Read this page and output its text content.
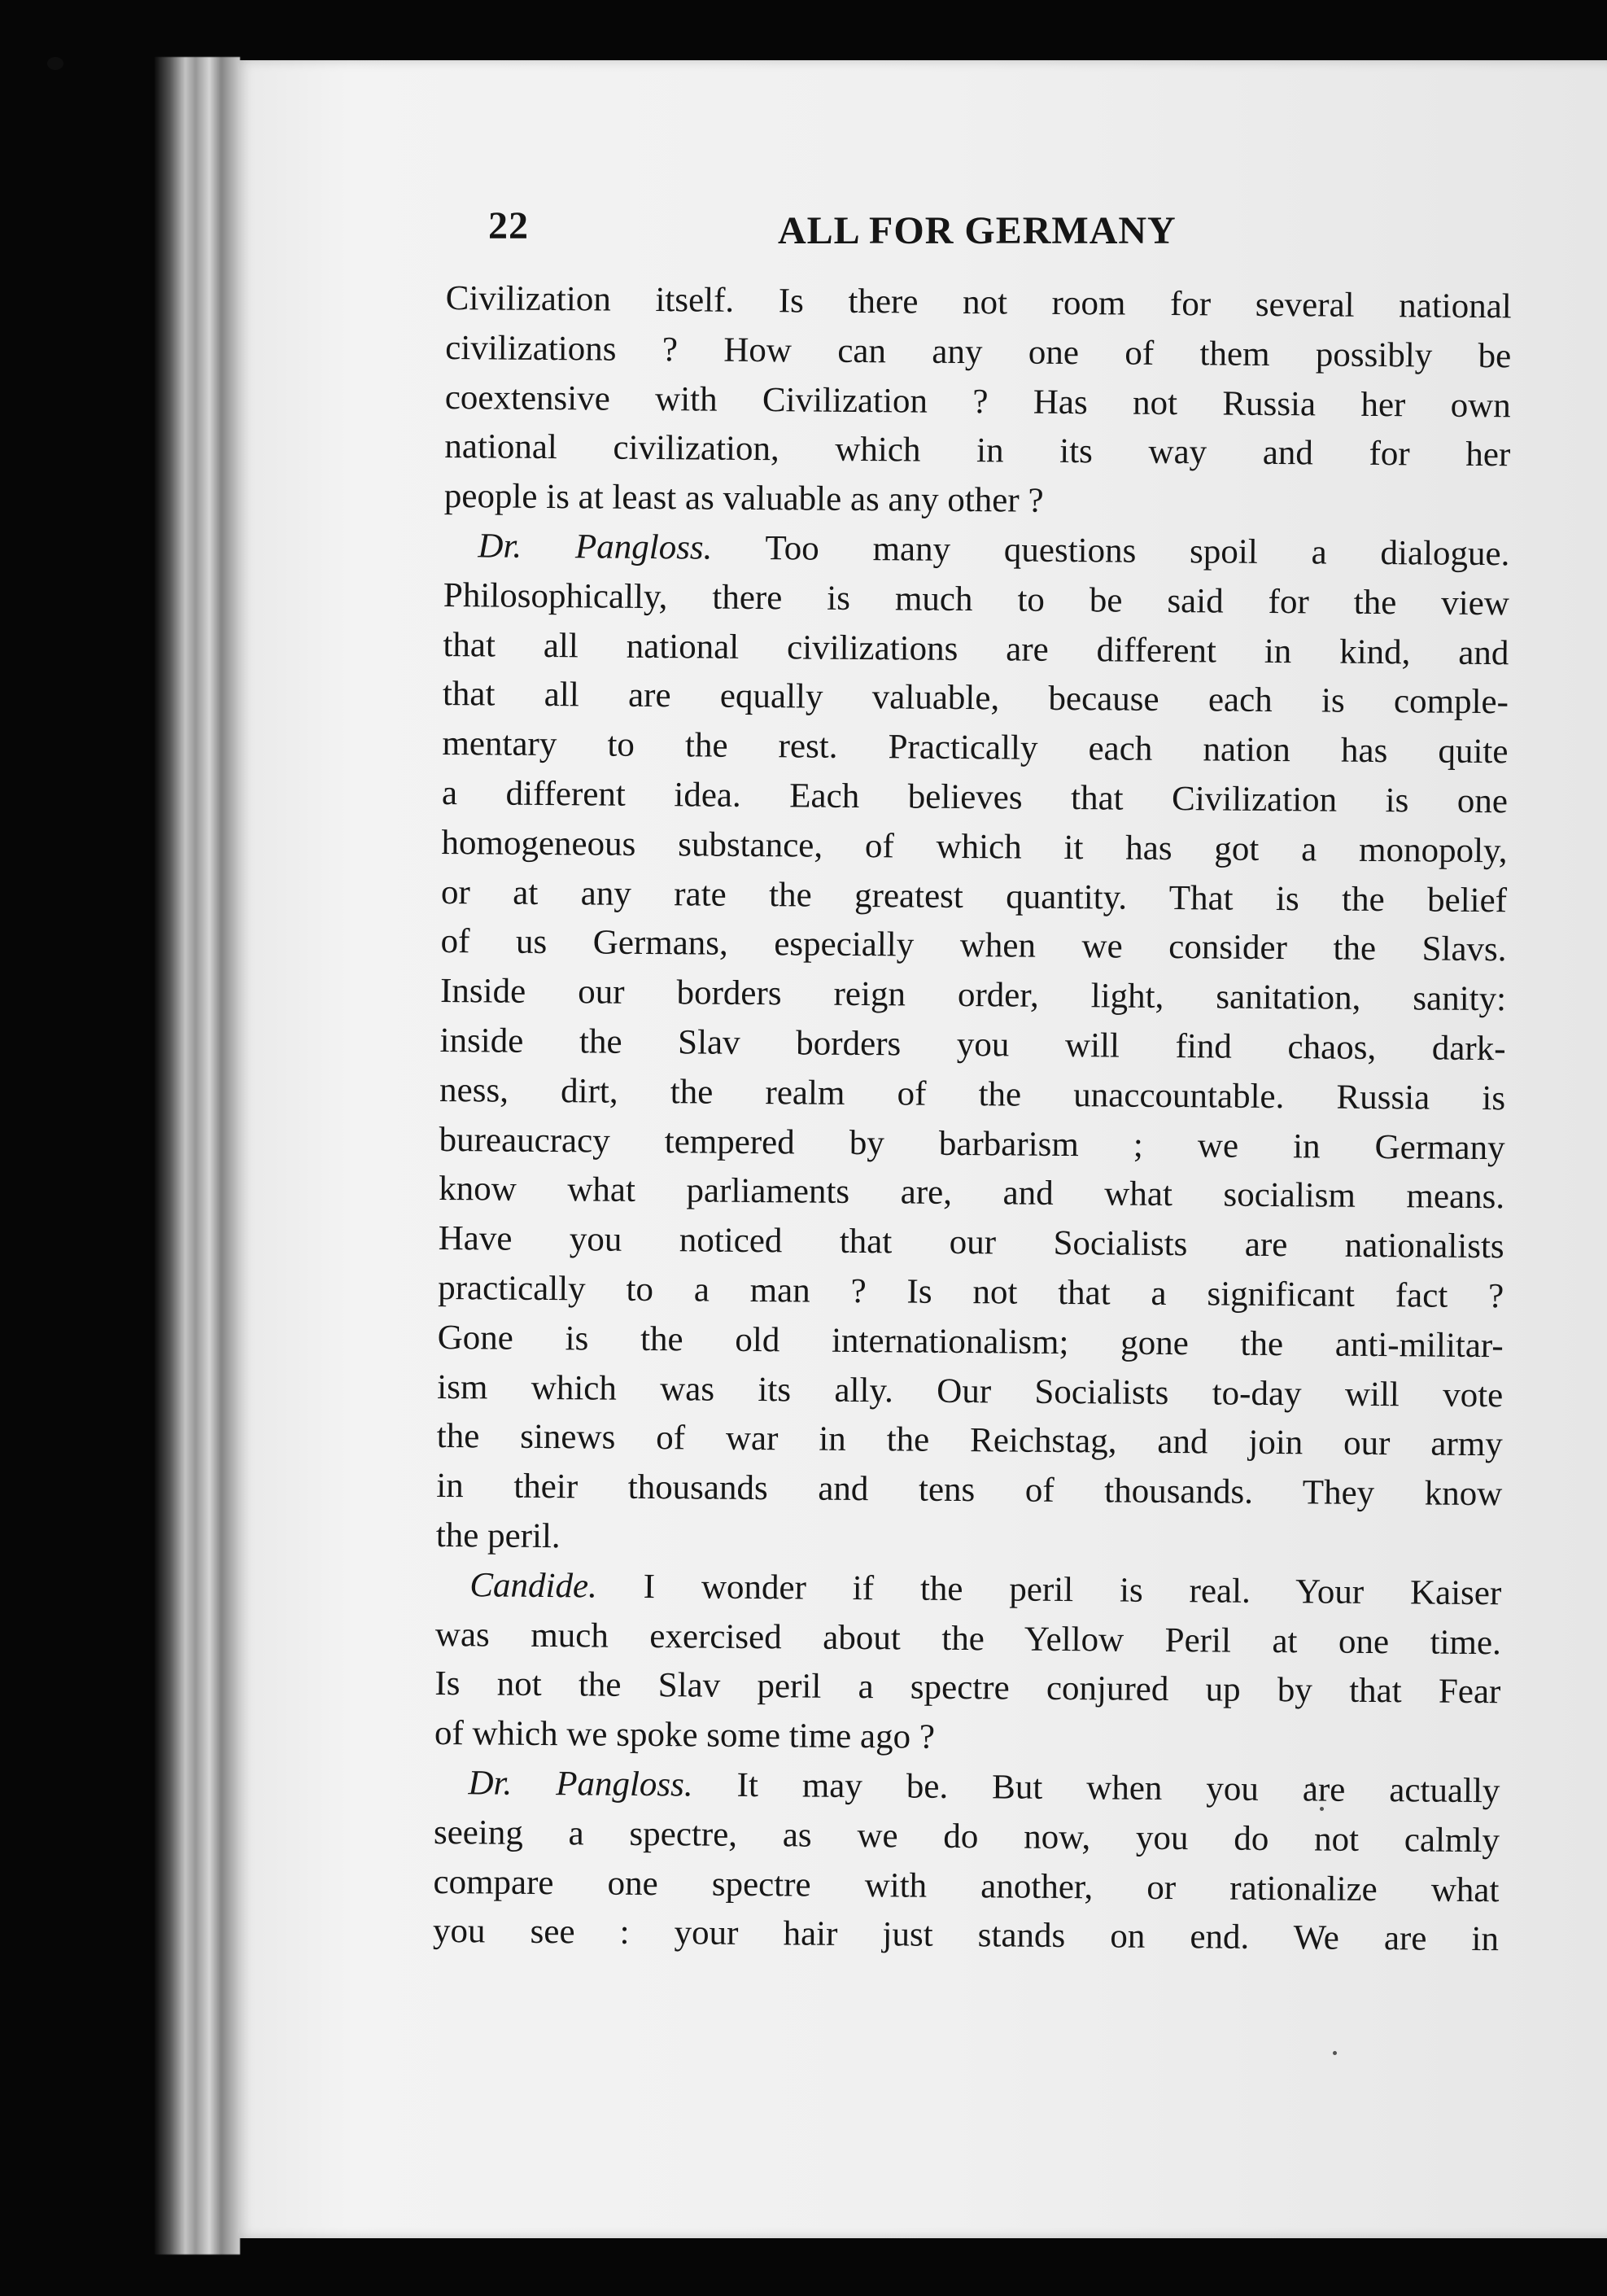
22	ALL FOR GERMANY
Civilization itself. Is there not room for several national
civilizations ? How can any one of them possibly be
coextensive with Civilization ? Has not Russia her own
national civilization, which in its way and for her
people is at least as valuable as any other ?
Dr. Pangloss. Too many questions spoil a dialogue.
Philosophically, there is much to be said for the view
that all national civilizations are different in kind, and
that all are equally valuable, because each is comple-
mentary to the rest. Practically each nation has quite
a different idea. Each believes that Civilization is one
homogeneous substance, of which it has got a monopoly,
or at any rate the greatest quantity. That is the belief
of us Germans, especially when we consider the Slavs.
Inside our borders reign order, light, sanitation, sanity:
inside the Slav borders you will find chaos, dark-
ness, dirt, the realm of the unaccountable. Russia is
bureaucracy tempered by barbarism ; we in Germany
know what parliaments are, and what socialism means.
Have you noticed that our Socialists are nationalists
practically to a man ? Is not that a significant fact ?
Gone is the old internationalism; gone the anti-militar-
ism which was its ally. Our Socialists to-day will vote
the sinews of war in the Reichstag, and join our army
in their thousands and tens of thousands. They know
the peril.
Candide. I wonder if the peril is real. Your Kaiser
was much exercised about the Yellow Peril at one time.
Is not the Slav peril a spectre conjured up by that Fear
of which we spoke some time ago ?
Dr. Pangloss. It may be. But when you are actually
seeing a spectre, as we do now, you do not calmly
compare one spectre with another, or rationalize what
you see : your hair just stands on end. We are in
